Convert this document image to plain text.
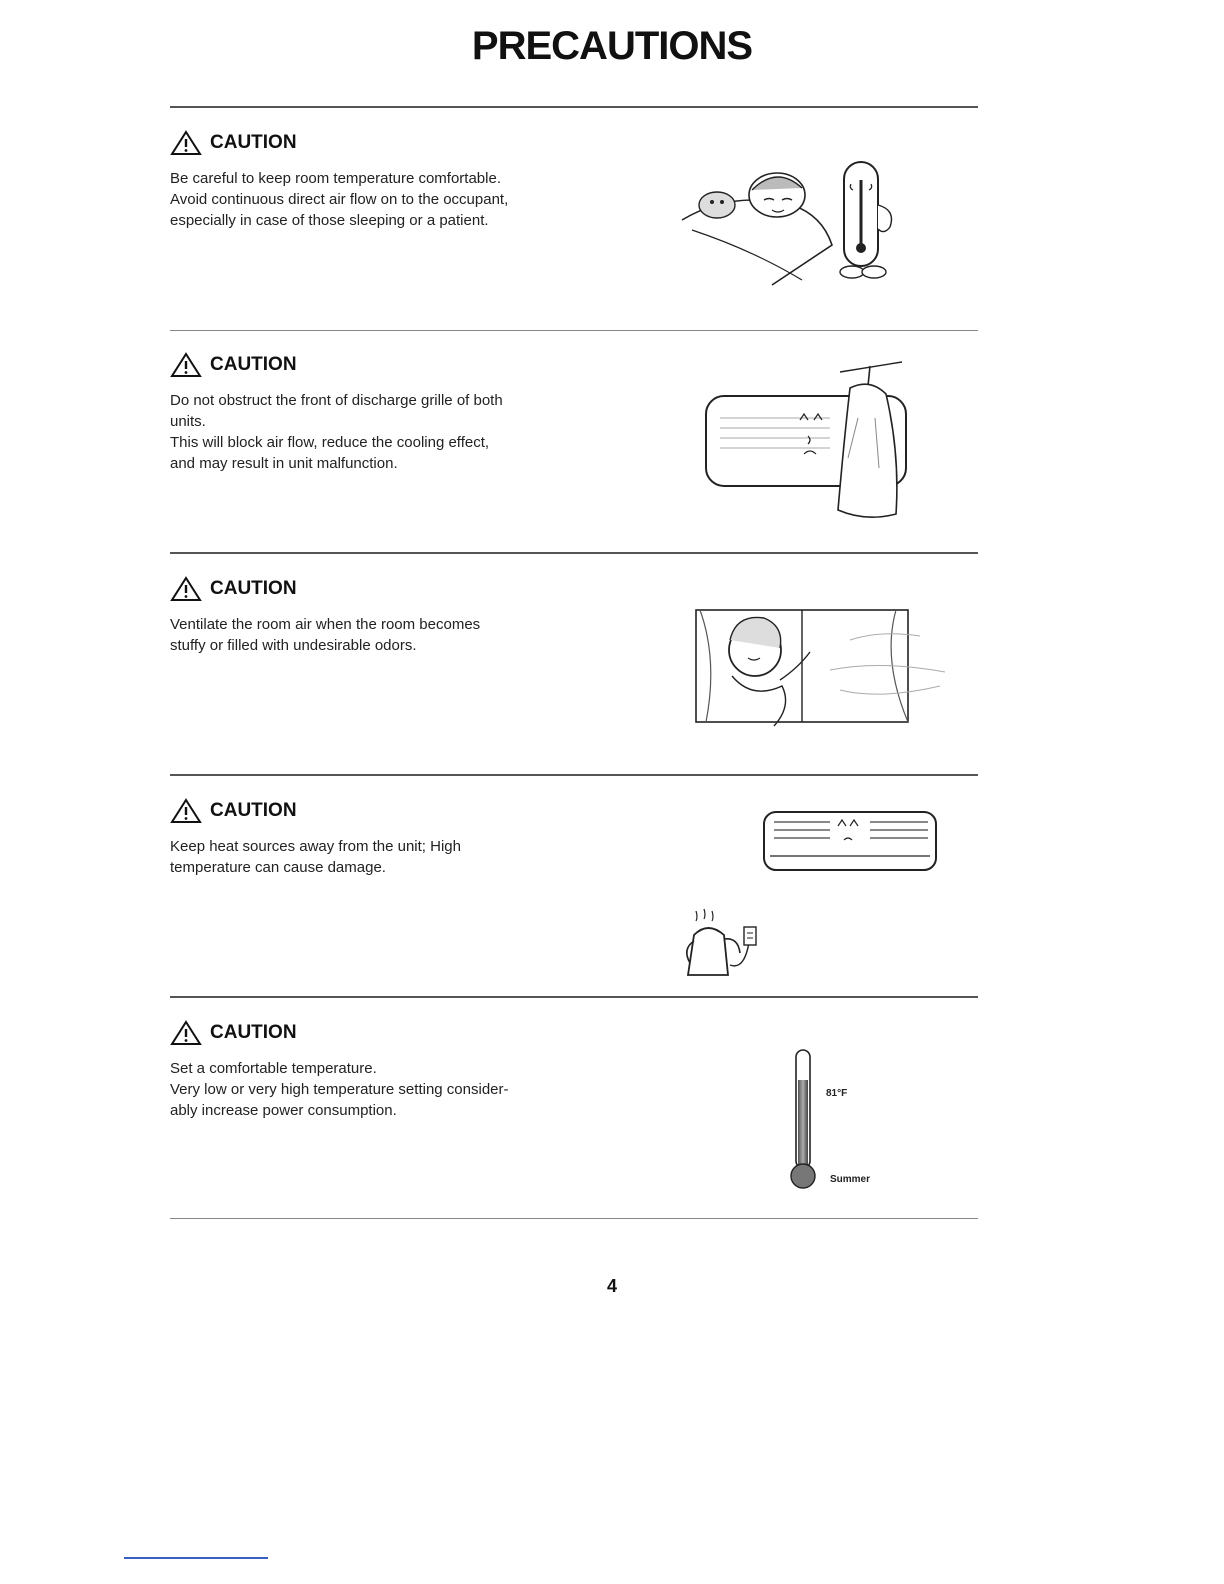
PRECAUTIONS
CAUTION

Be careful to keep room temperature comfortable.

Avoid continuous direct air flow on to the occupant,

especially in case of those sleeping or a patient.

CAUTION

Do not obstruct the front of discharge grille of both

units.

This will block air flow, reduce the cooling effect,

and may result in unit malfunction.

CAUTION

Ventilate the room air when the room becomes

stuffy or filled with undesirable odors.

CAUTION

Keep heat sources away from the unit; High

temperature can cause damage.

CAUTION

Set a comfortable temperature.

Very low or very high temperature setting consider-

ably increase power consumption.

81°F
Summer
4
